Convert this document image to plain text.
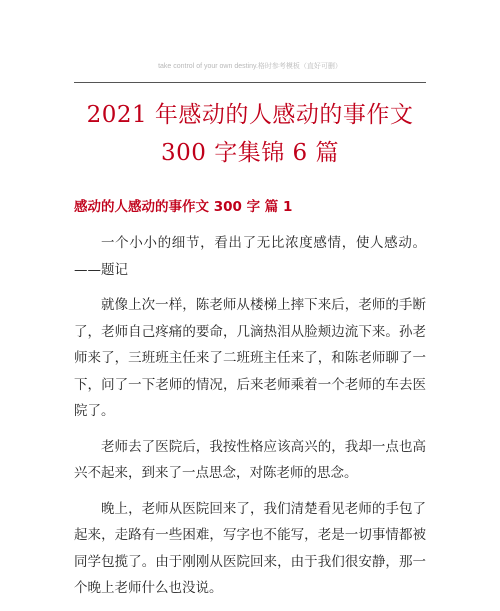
take control of your own destiny.格时参考模板（直好可删）
2021 年感动的人感动的事作文 300 字集锦 6 篇
感动的人感动的事作文 300 字 篇 1

一个小小的细节，看出了无比浓度感情，使人感动。——题记

就像上次一样，陈老师从楼梯上摔下来后，老师的手断了，老师自己疼痛的要命，几滴热泪从脸颊边流下来。孙老师来了，三班班主任来了二班班主任来了，和陈老师聊了一下，问了一下老师的情况，后来老师乘着一个老师的车去医院了。

老师去了医院后，我按性格应该高兴的，我却一点也高兴不起来，到来了一点思念，对陈老师的思念。

晚上，老师从医院回来了，我们清楚看见老师的手包了起来，走路有一些困难，写字也不能写，老是一切事情都被同学包揽了。由于刚刚从医院回来，由于我们很安静，那一个晚上老师什么也没说。
